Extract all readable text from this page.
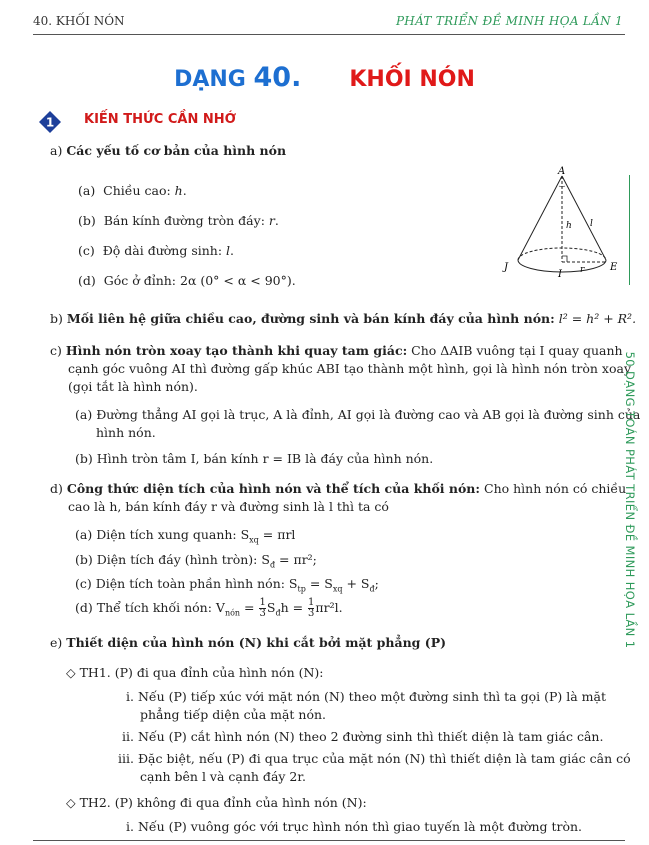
40. KHỐI NÓN	PHÁT TRIỂN ĐỀ MINH HỌA LẦN 1
DẠNG 40. KHỐI NÓN
1 KIẾN THỨC CẦN NHỚ
a) Các yếu tố cơ bản của hình nón
(a) Chiều cao: h.
(b) Bán kính đường tròn đáy: r.
(c) Độ dài đường sinh: l.
(d) Góc ở đỉnh: 2α (0° < α < 90°).
A
h l
r
I
E
J
b) Mối liên hệ giữa chiều cao, đường sinh và bán kính đáy của hình nón: l² = h² + R².
c) Hình nón tròn xoay tạo thành khi quay tam giác: Cho ΔAIB vuông tại I quay quanh
cạnh góc vuông AI thì đường gấp khúc ABI tạo thành một hình, gọi là hình nón tròn xoay
(gọi tắt là hình nón).
(a) Đường thẳng AI gọi là trục, A là đỉnh, AI gọi là đường cao và AB gọi là đường sinh của
hình nón.
(b) Hình tròn tâm I, bán kính r = IB là đáy của hình nón.
d) Công thức diện tích của hình nón và thể tích của khối nón: Cho hình nón có chiều
cao là h, bán kính đáy r và đường sinh là l thì ta có
(a) Diện tích xung quanh: $S_{xq} = \pi rl$
(b) Diện tích đáy (hình tròn): $S_đ = \pi r^2$;
(c) Diện tích toàn phần hình nón: $S_{tp} = S_{xq} + S_đ$;
(d) Thể tích khối nón: $V_{nón} = \frac{1}{3} S_đh = \frac{1}{3} \pi r^2l$.
e) Thiết diện của hình nón (N) khi cắt bởi mặt phẳng (P)
◇ TH1. (P) đi qua đỉnh của hình nón (N):
i. Nếu (P) tiếp xúc với mặt nón (N) theo một đường sinh thì ta gọi (P) là mặt
phẳng tiếp diện của mặt nón.
ii. Nếu (P) cắt hình nón (N) theo 2 đường sinh thì thiết diện là tam giác cân.
iii. Đặc biệt, nếu (P) đi qua trục của mặt nón (N) thì thiết diện là tam giác cân có
cạnh bên l và cạnh đáy 2r.
◇ TH2. (P) không đi qua đỉnh của hình nón (N):
i. Nếu (P) vuông góc với trục hình nón thì giao tuyến là một đường tròn.
50 DẠNG TOÁN PHÁT TRIỂN ĐỀ MINH HỌA LẦN 1
